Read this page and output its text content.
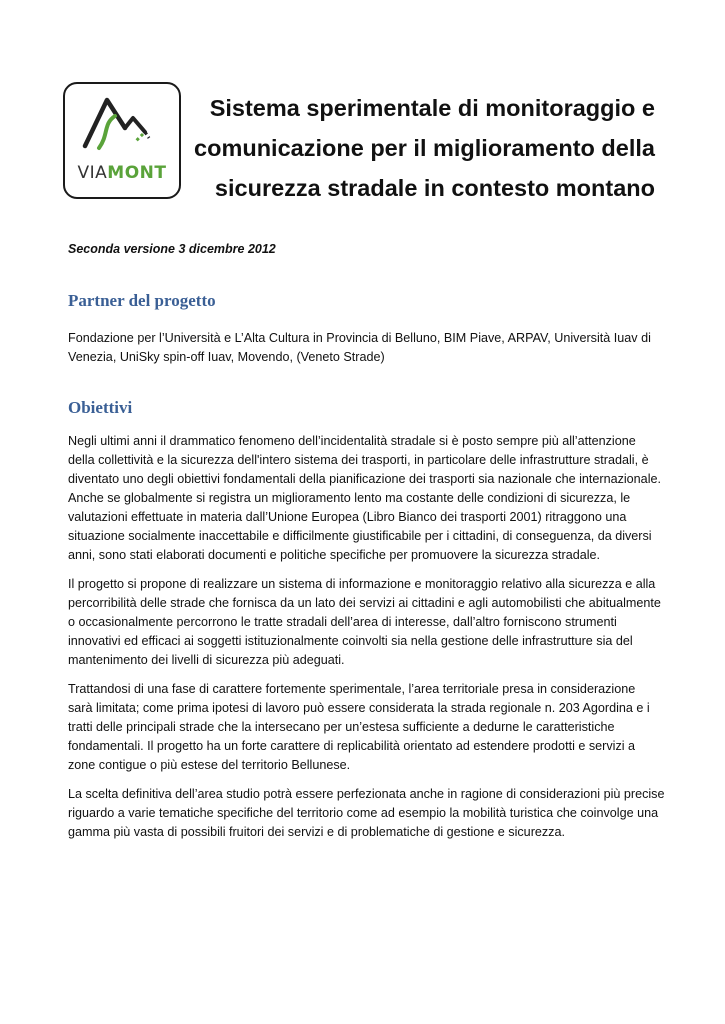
VIAMONT
Sistema sperimentale di monitoraggio e
comunicazione per il miglioramento della
sicurezza stradale in contesto montano

Seconda versione 3 dicembre 2012

Partner del progetto

Fondazione per l’Università e L’Alta Cultura in Provincia di Belluno, BIM Piave, ARPAV, Università Iuav di
Venezia, UniSky spin-off Iuav, Movendo, (Veneto Strade)

Obiettivi

Negli ultimi anni il drammatico fenomeno dell’incidentalità stradale si è posto sempre più all’attenzione
della collettività e la sicurezza dell'intero sistema dei trasporti, in particolare delle infrastrutture stradali, è
diventato uno degli obiettivi fondamentali della pianificazione dei trasporti sia nazionale che internazionale.
Anche se globalmente si registra un miglioramento lento ma costante delle condizioni di sicurezza, le
valutazioni effettuate in materia dall’Unione Europea (Libro Bianco dei trasporti 2001) ritraggono una
situazione socialmente inaccettabile e difficilmente giustificabile per i cittadini, di conseguenza, da diversi
anni, sono stati elaborati documenti e politiche specifiche per promuovere la sicurezza stradale.

Il progetto si propone di realizzare un sistema di informazione e monitoraggio relativo alla sicurezza e alla
percorribilità delle strade che fornisca da un lato dei servizi ai cittadini e agli automobilisti che abitualmente
o occasionalmente percorrono le tratte stradali dell’area di interesse, dall’altro forniscono strumenti
innovativi ed efficaci ai soggetti istituzionalmente coinvolti sia nella gestione delle infrastrutture sia del
mantenimento dei livelli di sicurezza più adeguati.

Trattandosi di una fase di carattere fortemente sperimentale, l’area territoriale presa in considerazione
sarà limitata; come prima ipotesi di lavoro può essere considerata la strada regionale n. 203 Agordina e i
tratti delle principali strade che la intersecano per un’estesa sufficiente a dedurne le caratteristiche
fondamentali. Il progetto ha un forte carattere di replicabilità orientato ad estendere prodotti e servizi a
zone contigue o più estese del territorio Bellunese.

La scelta definitiva dell’area studio potrà essere perfezionata anche in ragione di considerazioni più precise
riguardo a varie tematiche specifiche del territorio come ad esempio la mobilità turistica che coinvolge una
gamma più vasta di possibili fruitori dei servizi e di problematiche di gestione e sicurezza.
